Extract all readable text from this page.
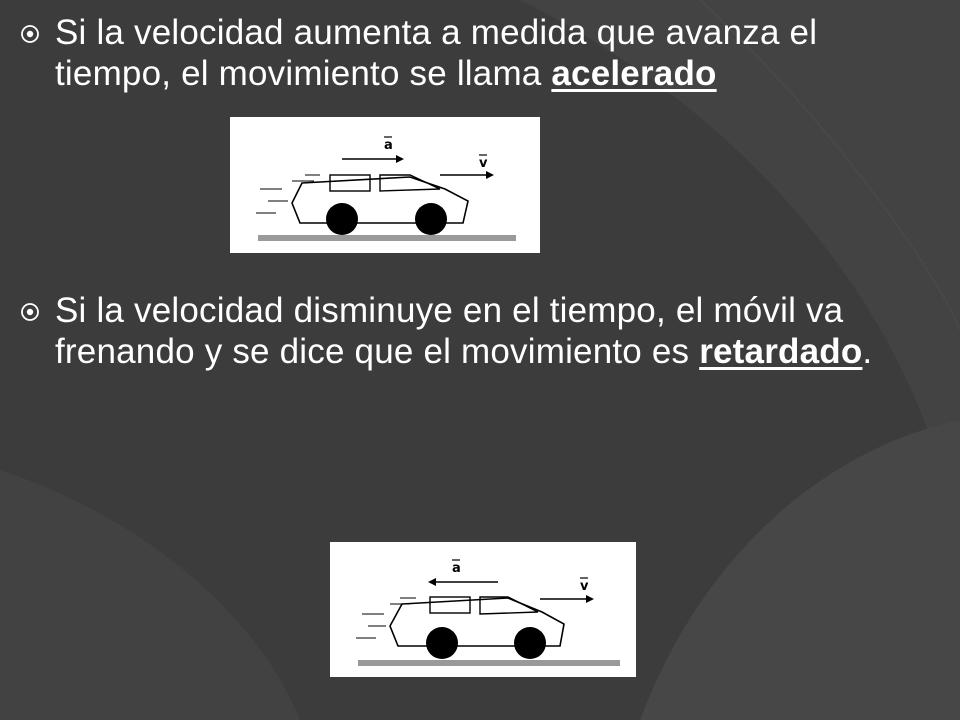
Si la velocidad aumenta a medida que avanza el tiempo, el movimiento se llama acelerado
a
v
Si la velocidad disminuye en el tiempo, el móvil va frenando y se dice que el movimiento es retardado.
a
v
